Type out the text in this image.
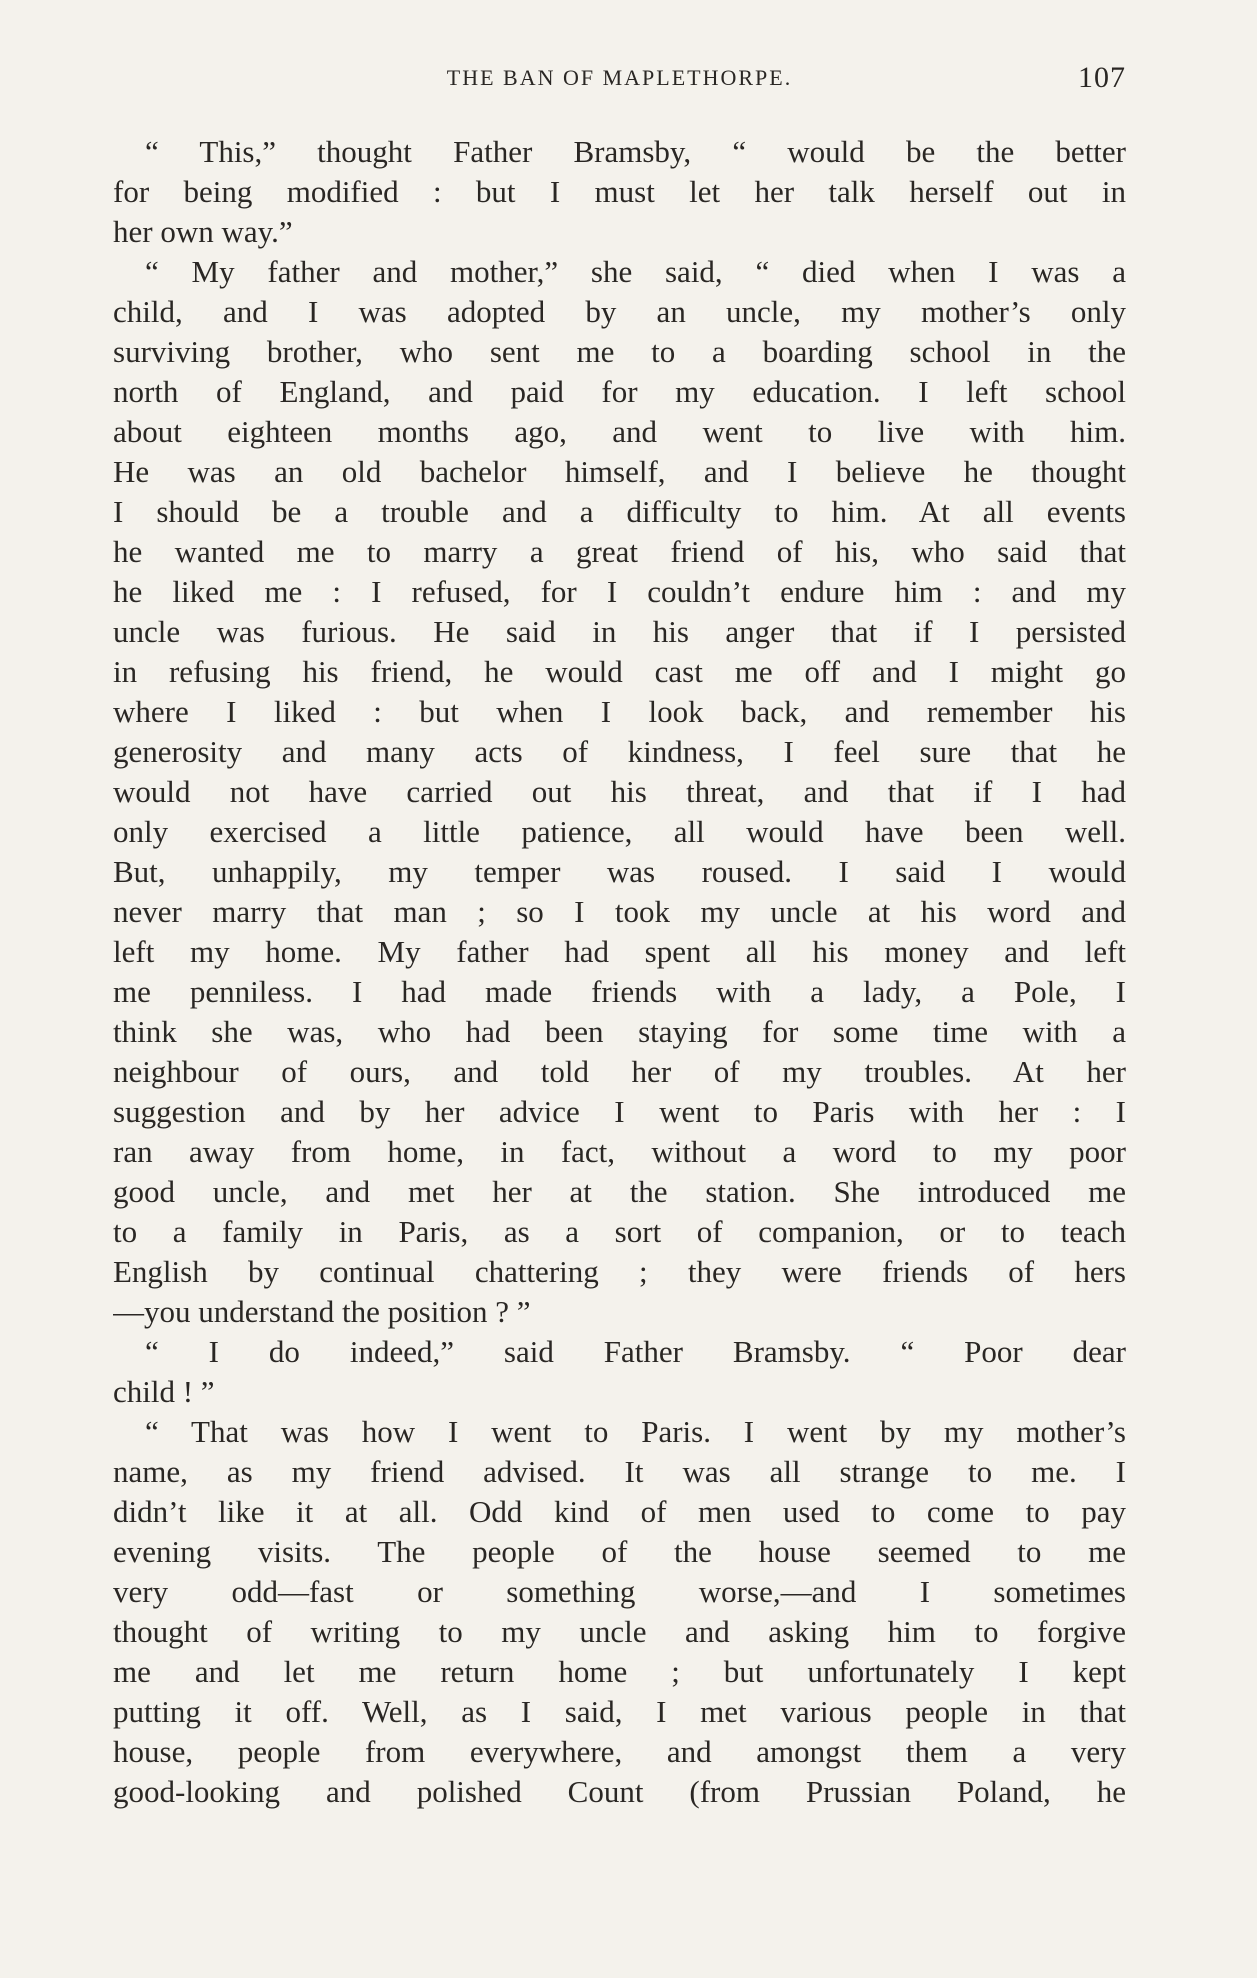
THE BAN OF MAPLETHORPE.	107
“ This,” thought Father Bramsby, “ would be the better
for being modified : but I must let her talk herself out in
her own way.”
“ My father and mother,” she said, “ died when I was a
child, and I was adopted by an uncle, my mother’s only
surviving brother, who sent me to a boarding school in the
north of England, and paid for my education. I left school
about eighteen months ago, and went to live with him.
He was an old bachelor himself, and I believe he thought
I should be a trouble and a difficulty to him. At all events
he wanted me to marry a great friend of his, who said that
he liked me : I refused, for I couldn’t endure him : and my
uncle was furious. He said in his anger that if I persisted
in refusing his friend, he would cast me off and I might go
where I liked : but when I look back, and remember his
generosity and many acts of kindness, I feel sure that he
would not have carried out his threat, and that if I had
only exercised a little patience, all would have been well.
But, unhappily, my temper was roused. I said I would
never marry that man ; so I took my uncle at his word and
left my home. My father had spent all his money and left
me penniless. I had made friends with a lady, a Pole, I
think she was, who had been staying for some time with a
neighbour of ours, and told her of my troubles. At her
suggestion and by her advice I went to Paris with her : I
ran away from home, in fact, without a word to my poor
good uncle, and met her at the station. She introduced me
to a family in Paris, as a sort of companion, or to teach
English by continual chattering ; they were friends of hers
—you understand the position ? ”
“ I do indeed,” said Father Bramsby. “ Poor dear
child ! ”
“ That was how I went to Paris. I went by my mother’s
name, as my friend advised. It was all strange to me. I
didn’t like it at all. Odd kind of men used to come to pay
evening visits. The people of the house seemed to me
very odd—fast or something worse,—and I sometimes
thought of writing to my uncle and asking him to forgive
me and let me return home ; but unfortunately I kept
putting it off. Well, as I said, I met various people in that
house, people from everywhere, and amongst them a very
good-looking and polished Count (from Prussian Poland, he
